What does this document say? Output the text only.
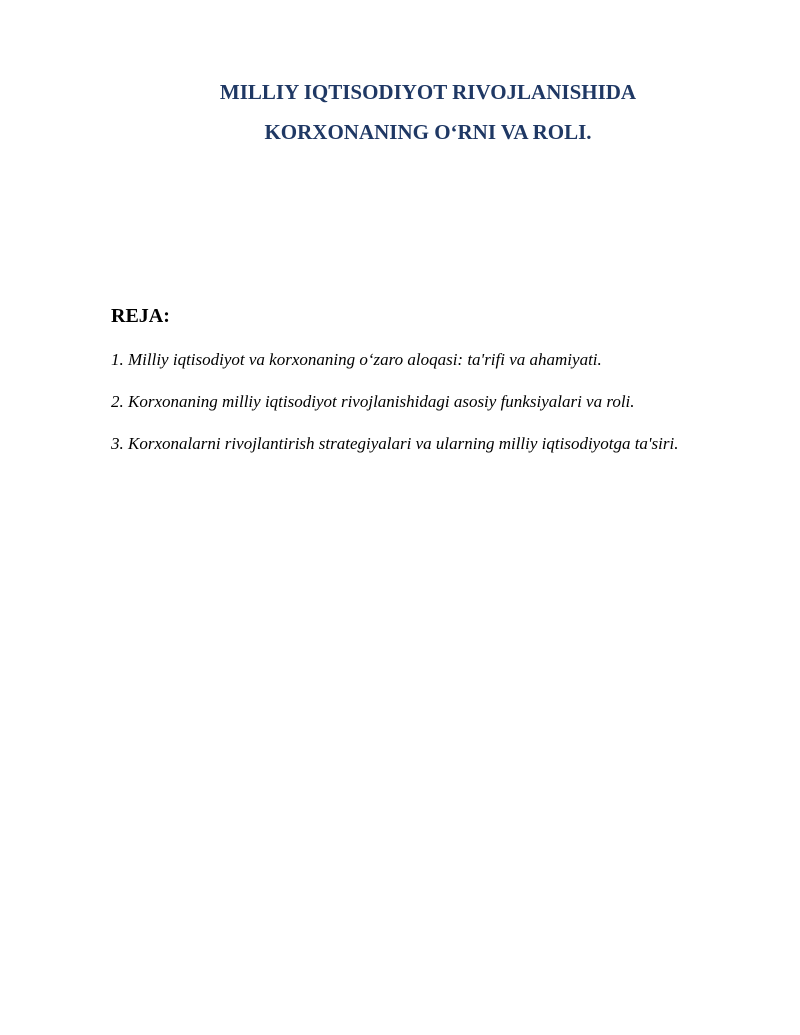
MILLIY IQTISODIYOT RIVOJLANISHIDA
KORXONANING O‘RNI VA ROLI.
REJA:
1. Milliy iqtisodiyot va korxonaning o‘zaro aloqasi: ta'rifi va ahamiyati.
2. Korxonaning milliy iqtisodiyot rivojlanishidagi asosiy funksiyalari va roli.
3. Korxonalarni rivojlantirish strategiyalari va ularning milliy iqtisodiyotga ta'siri.
